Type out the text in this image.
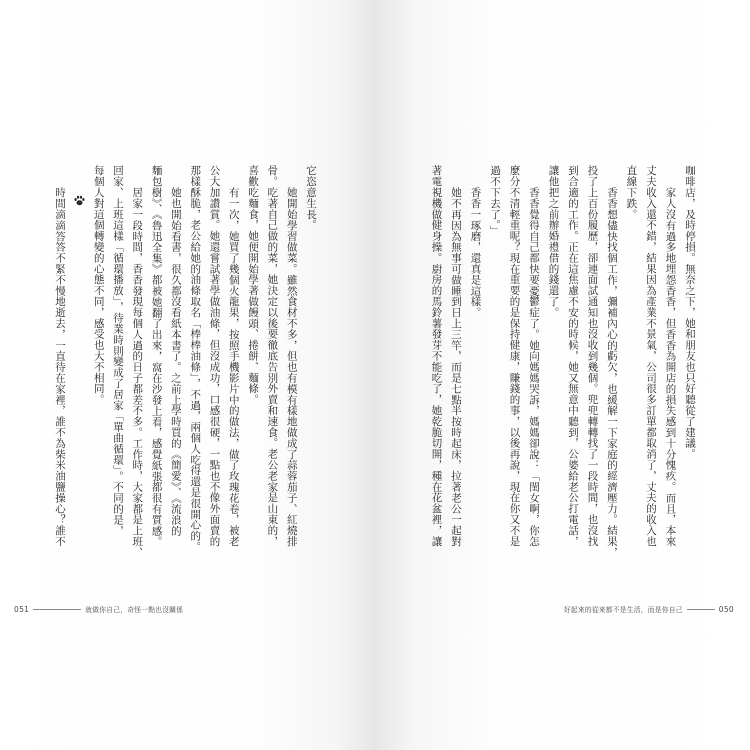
咖啡店，及時停損。無奈之下，她和朋友也只好聽從了建議。
家人沒有過多地埋怨香香，但香香為開店的損失感到十分愧疚。而且，本來
丈夫收入還不錯，結果因為產業不景氣，公司很多訂單都取消了，丈夫的收入也
直線下跌。
香香想儘快找個工作，彌補內心的虧欠，也緩解一下家庭的經濟壓力。結果，
投了上百份履歷，卻連面試通知也沒收到幾個。兜兜轉轉找了一段時間，也沒找
到合適的工作。正在這焦慮不安的時候，她又無意中聽到，公婆給老公打電話，
讓他把之前辦婚禮借的錢還了。
香香覺得自己都快要憂鬱症了。她向媽媽哭訴，媽媽卻說：「閨女啊，你怎
麼分不清輕重呢？現在重要的是保持健康，賺錢的事，以後再說，現在你又不是
過不下去了。」
香香一琢磨，還真是這樣。
她不再因為無事可做睡到日上三竿，而是七點半按時起床，拉著老公一起對
著電視機做健身操。廚房的馬鈴薯發芽不能吃了，她乾脆切開，種在花盆裡，讓
好起來的從來都不是生活，而是你自己	050
它恣意生長。
她開始學習做菜。雖然食材不多，但也有模有樣地做成了蒜蓉茄子、紅燒排
骨。吃著自己做的菜，她決定以後要徹底告別外賣和速食。老公老家是山東的，
喜歡吃麵食，她便開始學著做饅頭、捲餅、麵條。
有一次，她買了幾個火龍果，按照手機影片中的做法，做了玫瑰花卷，被老
公大加讚賞。她還嘗試著學做油條，但沒成功，口感很硬，一點也不像外面賣的
那樣酥脆，老公給她的油條取名「棒棒油條」，不過，兩個人吃得還是很開心的。
她也開始看書，很久都沒看紙本書了。之前上學時買的《簡愛》、《流浪的
麵包樹》、《魯迅全集》都被她翻了出來，窩在沙發上看，感覺紙張都很有質感。
居家一段時間，香香發現每個人過的日子都差不多。工作時，大家都是上班、
回家、上班這樣「循環播放」，待業時則變成了居家「單曲循環」。不同的是，
每個人對這個轉變的心態不同，感受也大不相同。
時間滴滴答答不緊不慢地逝去，一直待在家裡，誰不為柴米油鹽操心？誰不
051	就做你自己，奇怪一點也沒關係
